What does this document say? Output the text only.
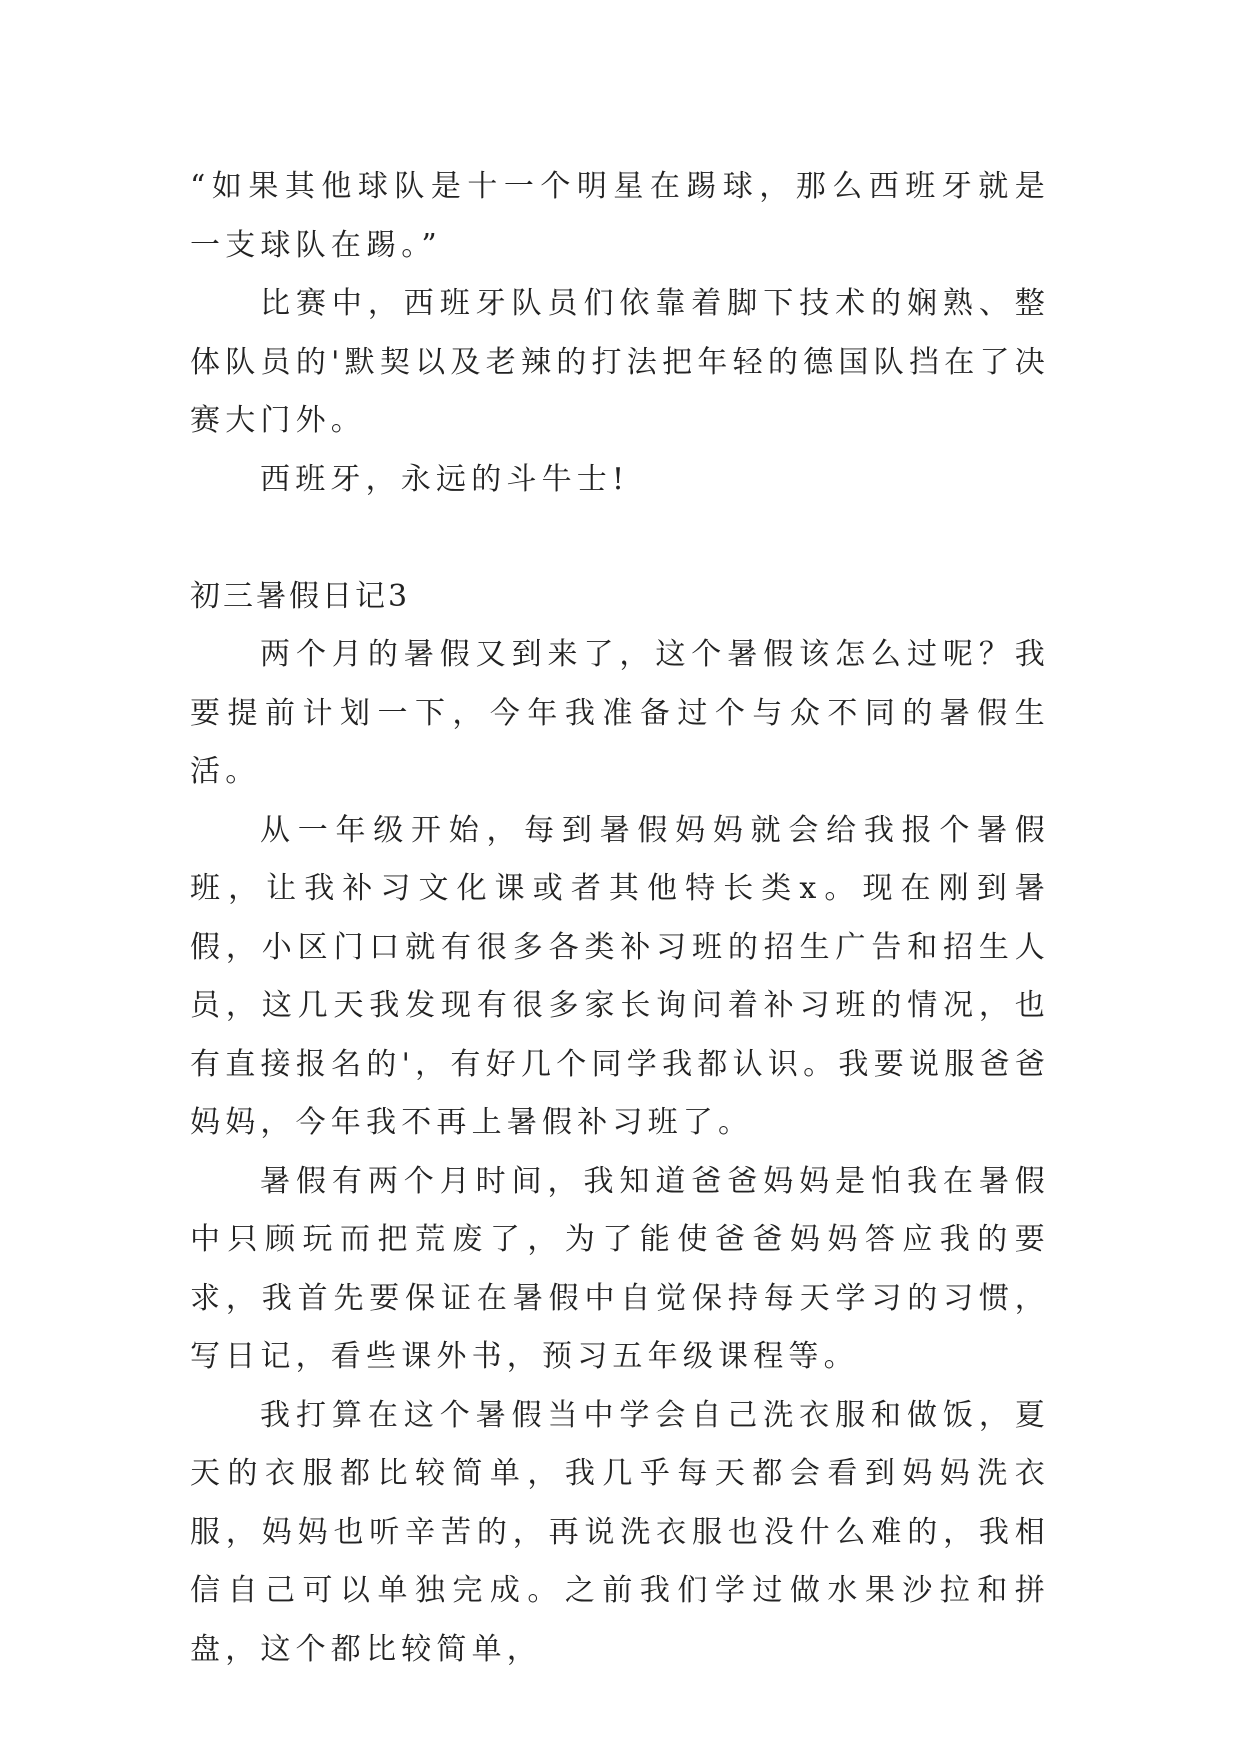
“如果其他球队是十一个明星在踢球，那么西班牙就是一支球队在踢。”

比赛中，西班牙队员们依靠着脚下技术的娴熟、整体队员的'默契以及老辣的打法把年轻的德国队挡在了决赛大门外。

西班牙，永远的斗牛士!

初三暑假日记3

两个月的暑假又到来了，这个暑假该怎么过呢？我要提前计划一下，今年我准备过个与众不同的暑假生活。

从一年级开始，每到暑假妈妈就会给我报个暑假班，让我补习文化课或者其他特长类x。现在刚到暑假，小区门口就有很多各类补习班的招生广告和招生人员，这几天我发现有很多家长询问着补习班的情况，也有直接报名的'，有好几个同学我都认识。我要说服爸爸妈妈，今年我不再上暑假补习班了。

暑假有两个月时间，我知道爸爸妈妈是怕我在暑假中只顾玩而把荒废了，为了能使爸爸妈妈答应我的要求，我首先要保证在暑假中自觉保持每天学习的习惯，写日记，看些课外书，预习五年级课程等。

我打算在这个暑假当中学会自己洗衣服和做饭，夏天的衣服都比较简单，我几乎每天都会看到妈妈洗衣服，妈妈也听辛苦的，再说洗衣服也没什么难的，我相信自己可以单独完成。之前我们学过做水果沙拉和拼盘，这个都比较简单，
